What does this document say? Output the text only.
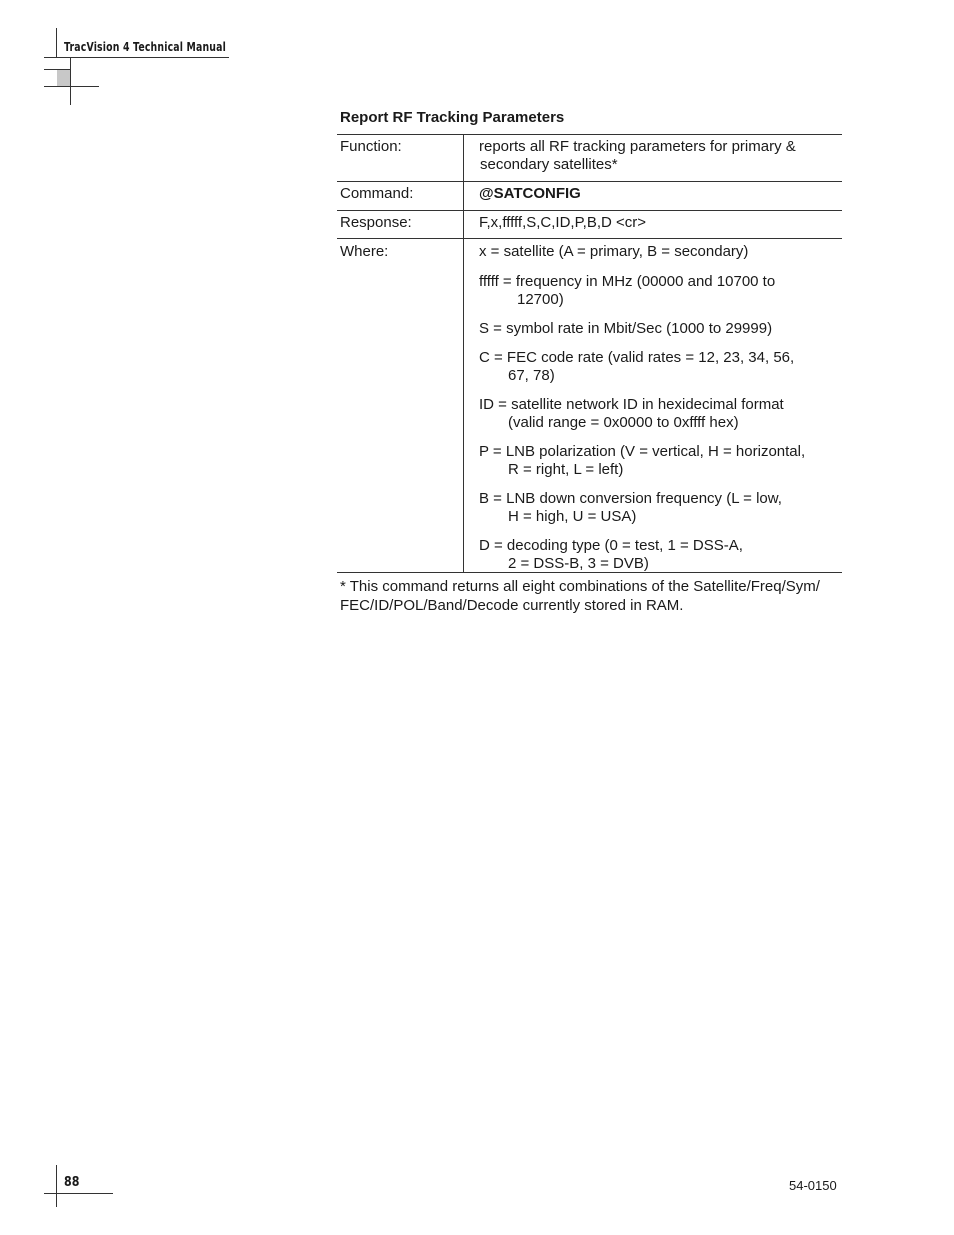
TracVision 4 Technical Manual
Report RF Tracking Parameters
Function:	reports all RF tracking parameters for primary &
secondary satellites*
Command:	@SATCONFIG
Response:	F,x,fffff,S,C,ID,P,B,D <cr>
Where:	x = satellite (A = primary, B = secondary)
fffff = frequency in MHz (00000 and 10700 to
12700)
S = symbol rate in Mbit/Sec (1000 to 29999)
C = FEC code rate (valid rates = 12, 23, 34, 56,
67, 78)
ID = satellite network ID in hexidecimal format
(valid range = 0x0000 to 0xffff hex)
P = LNB polarization (V = vertical, H = horizontal,
R = right, L = left)
B = LNB down conversion frequency (L = low,
H = high, U = USA)
D = decoding type (0 = test, 1 = DSS-A,
2 = DSS-B, 3 = DVB)
* This command returns all eight combinations of the Satellite/Freq/Sym/
FEC/ID/POL/Band/Decode currently stored in RAM.
88	54-0150
